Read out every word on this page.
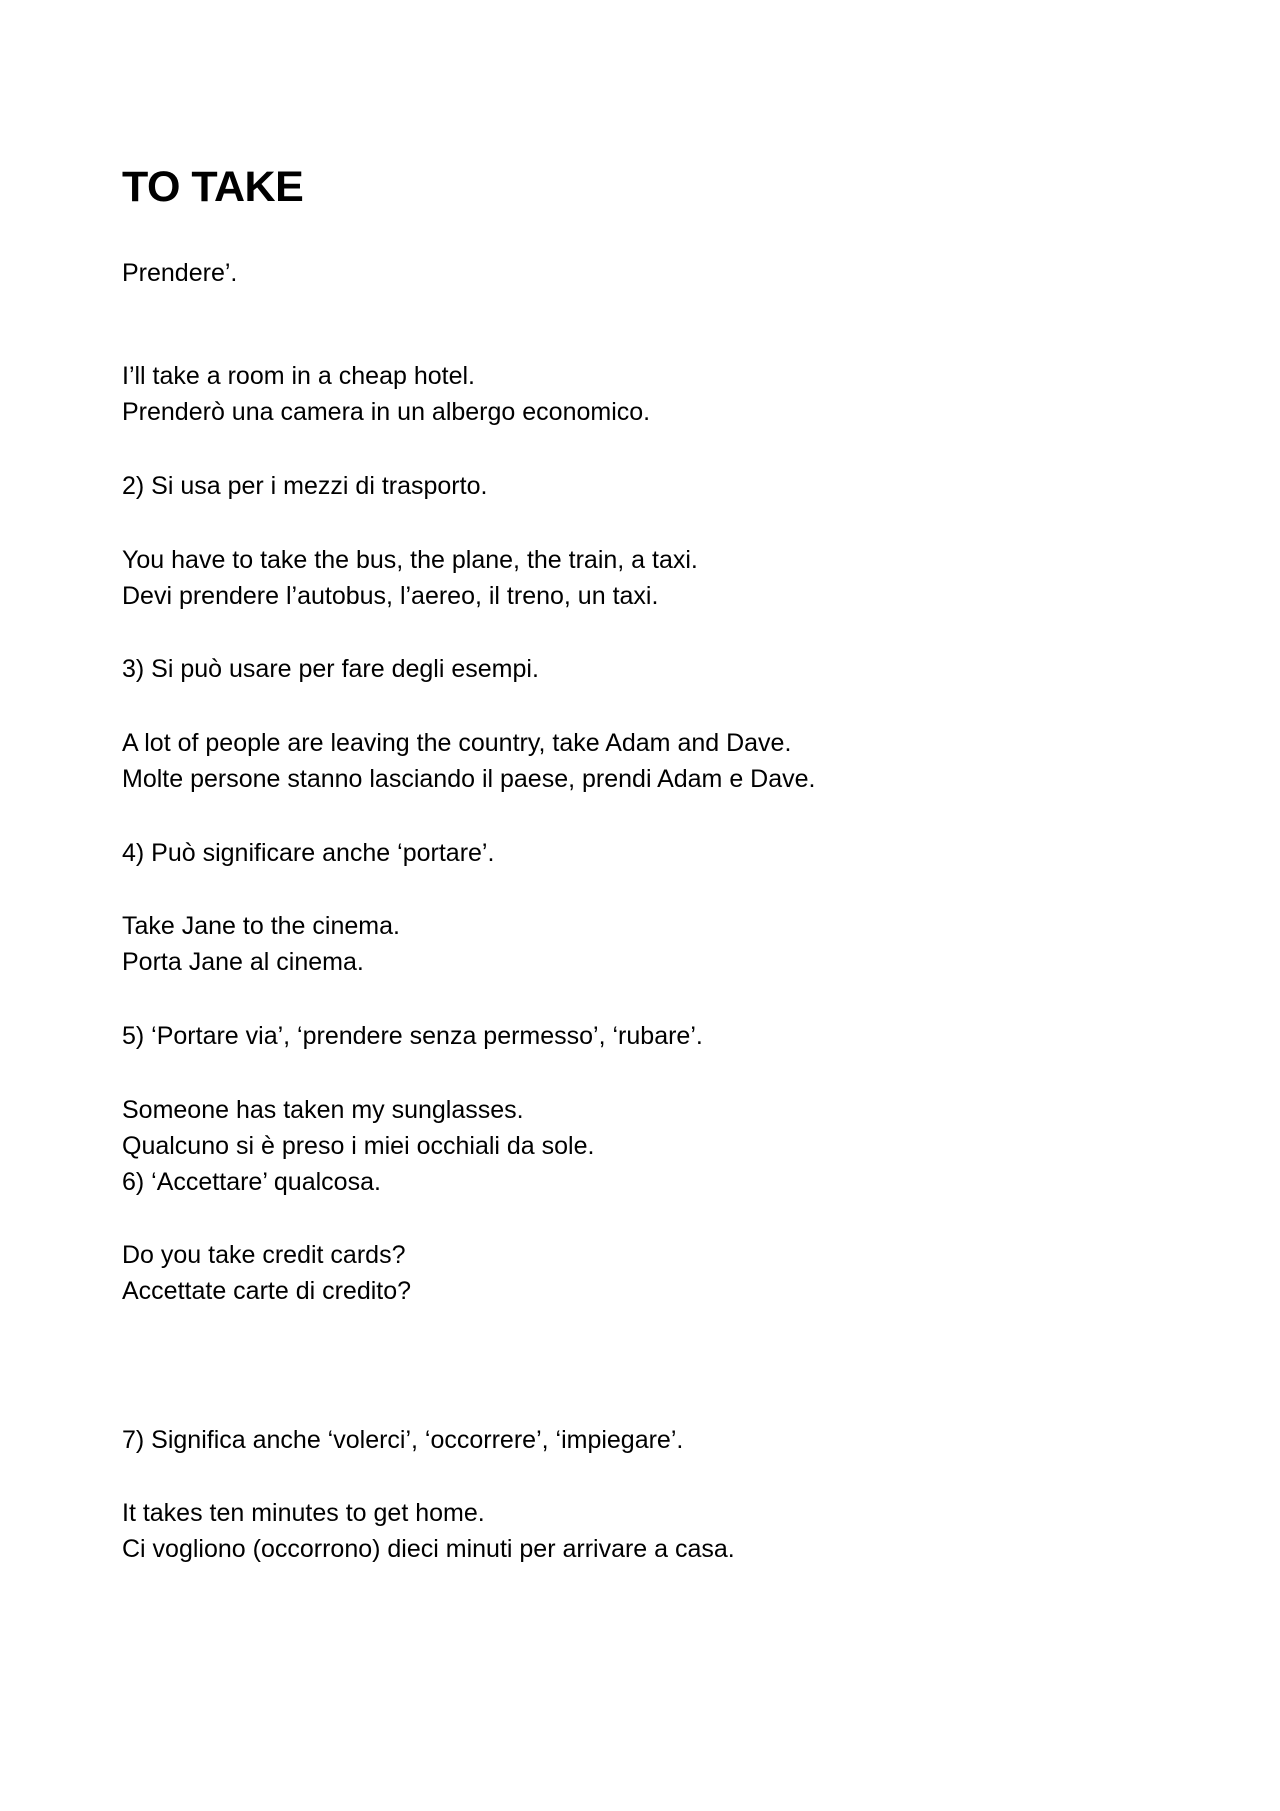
TO TAKE

Prendere’.

I’ll take a room in a cheap hotel.

Prenderò una camera in un albergo economico.

2) Si usa per i mezzi di trasporto.

You have to take the bus, the plane, the train, a taxi.

Devi prendere l’autobus, l’aereo, il treno, un taxi.

3) Si può usare per fare degli esempi.

A lot of people are leaving the country, take Adam and Dave.

Molte persone stanno lasciando il paese, prendi Adam e Dave.

4) Può significare anche ‘portare’.

Take Jane to the cinema.

Porta Jane al cinema.

5) ‘Portare via’, ‘prendere senza permesso’, ‘rubare’.

Someone has taken my sunglasses.

Qualcuno si è preso i miei occhiali da sole.

6) ‘Accettare’ qualcosa.

Do you take credit cards?

Accettate carte di credito?

7) Significa anche ‘volerci’, ‘occorrere’, ‘impiegare’.

It takes ten minutes to get home.

Ci vogliono (occorrono) dieci minuti per arrivare a casa.
